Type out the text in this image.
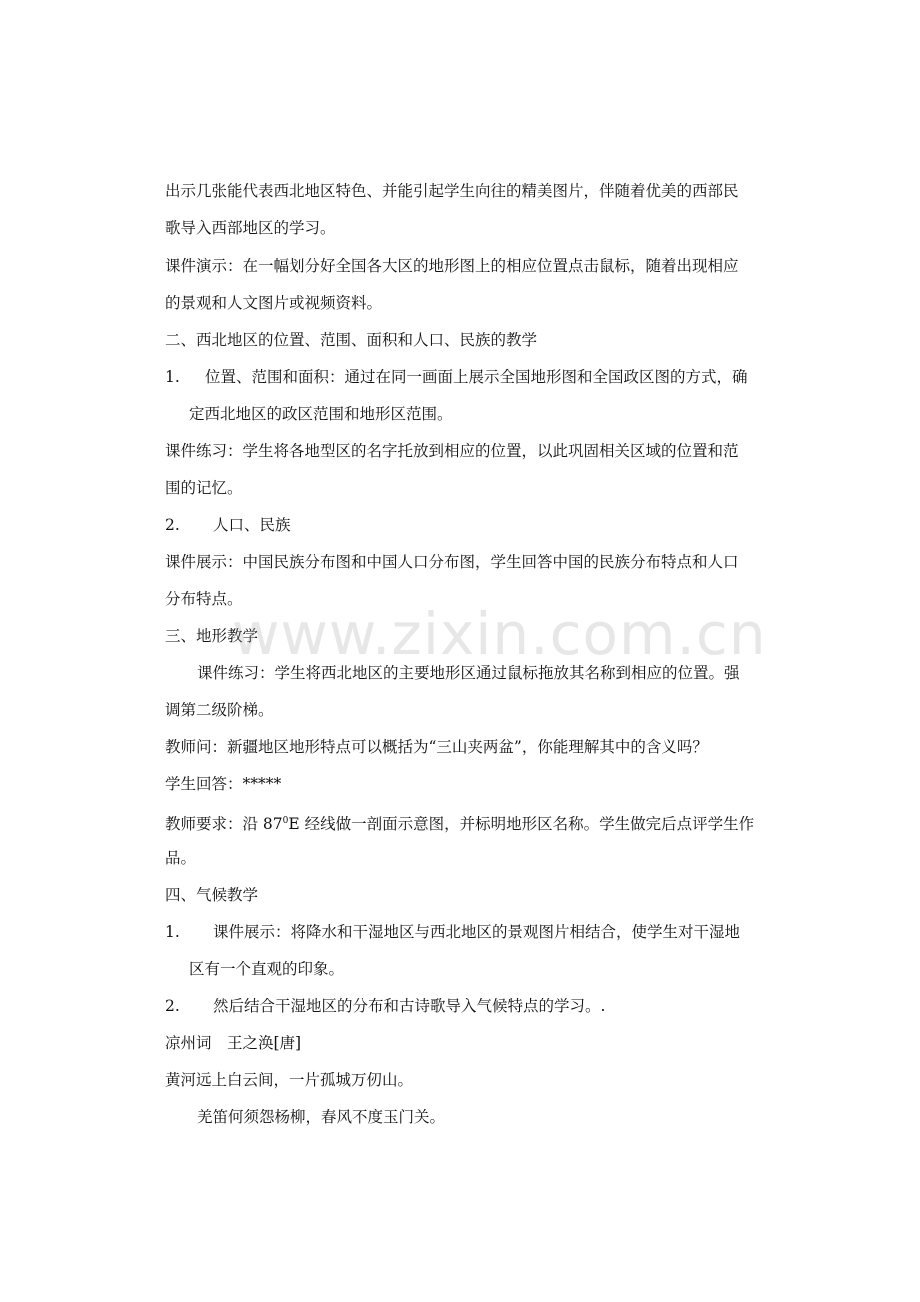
出示几张能代表西北地区特色、并能引起学生向往的精美图片，伴随着优美的西部民
歌导入西部地区的学习。
课件演示：在一幅划分好全国各大区的地形图上的相应位置点击鼠标，随着出现相应
的景观和人文图片或视频资料。
二、西北地区的位置、范围、面积和人口、民族的教学
1. 位置、范围和面积：通过在同一画面上展示全国地形图和全国政区图的方式，确
定西北地区的政区范围和地形区范围。
课件练习：学生将各地型区的名字托放到相应的位置，以此巩固相关区域的位置和范
围的记忆。
2. 人口、民族
课件展示：中国民族分布图和中国人口分布图，学生回答中国的民族分布特点和人口
分布特点。
三、地形教学
课件练习：学生将西北地区的主要地形区通过鼠标拖放其名称到相应的位置。强
调第二级阶梯。
教师问：新疆地区地形特点可以概括为“三山夹两盆”，你能理解其中的含义吗？
学生回答：*****
教师要求：沿 $87^0E$ 经线做一剖面示意图，并标明地形区名称。学生做完后点评学生作
品。
四、气候教学
1. 课件展示：将降水和干湿地区与西北地区的景观图片相结合，使学生对干湿地
区有一个直观的印象。
2. 然后结合干湿地区的分布和古诗歌导入气候特点的学习。.
凉州词　王之涣[唐]
黄河远上白云间，一片孤城万仞山。
羌笛何须怨杨柳，春风不度玉门关。
www.zixin.com.cn
